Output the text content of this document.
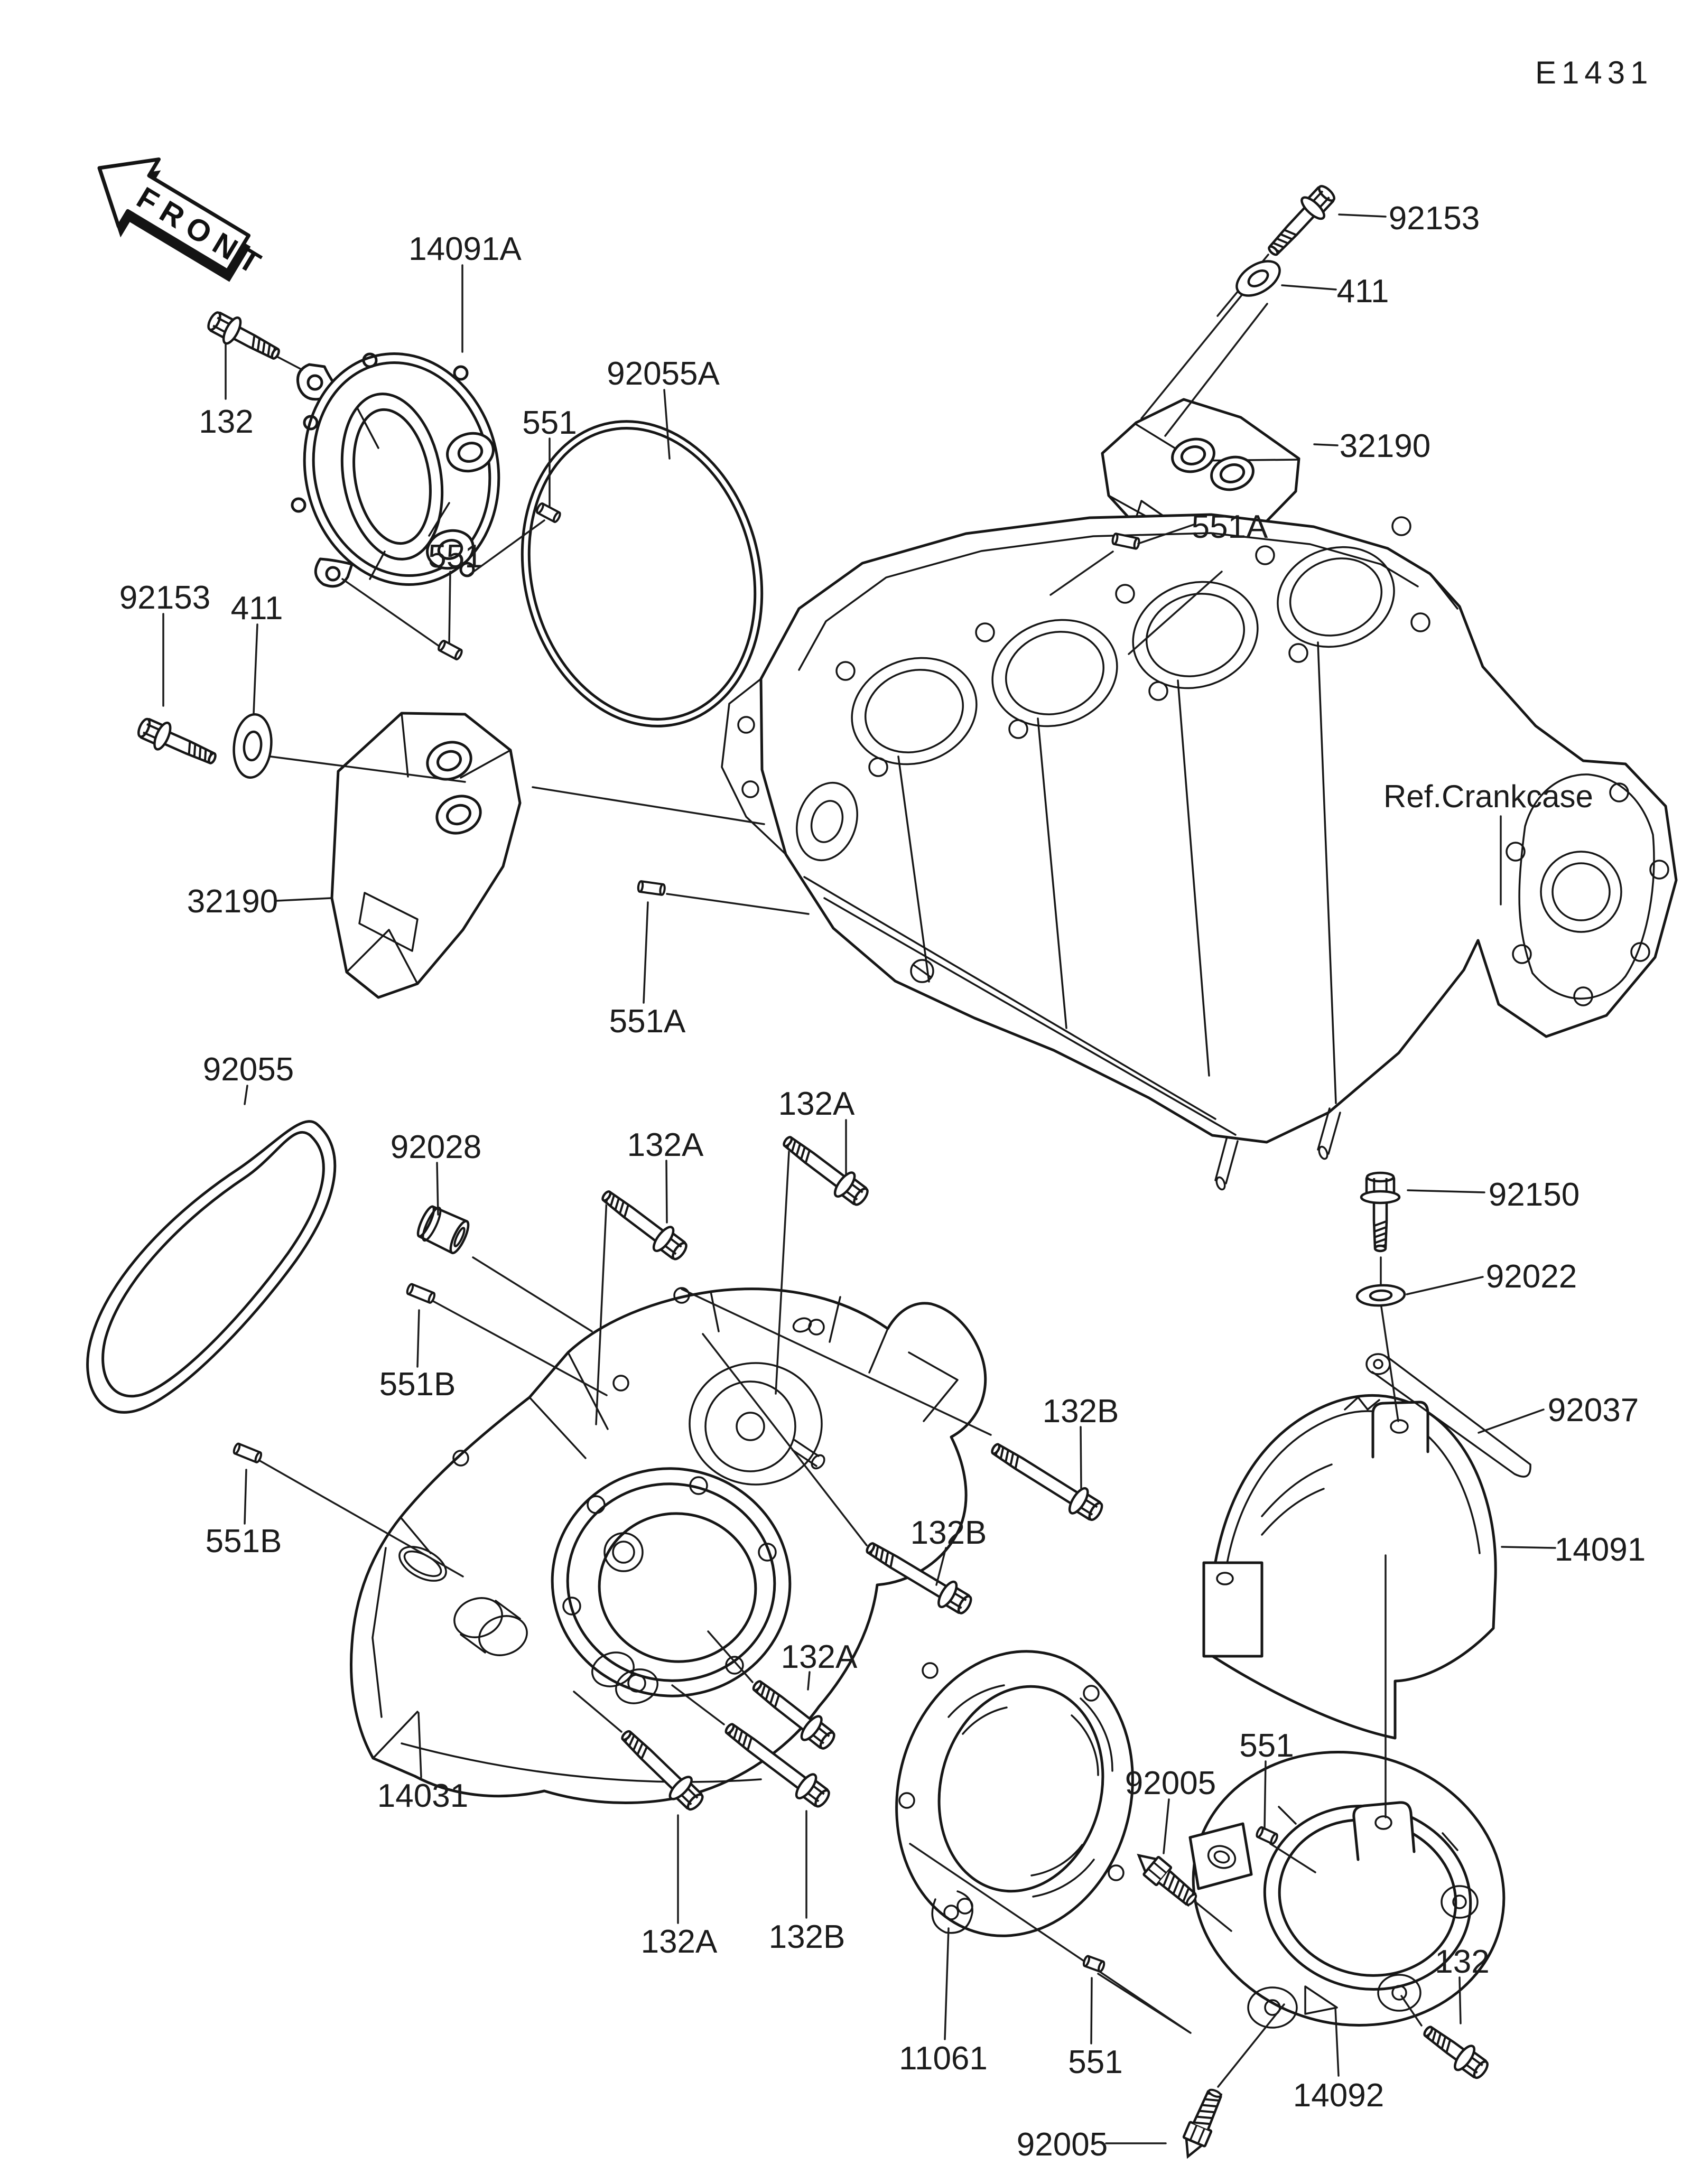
FRONT
E1431
14091A
132	551
92055A
551
92153 411
32190
551A
92153
411
32190
551A
92055
92028	132A
132A
132B
132B
551B
551B
132A
14031
132A 132B
11061 551
92005
551
14092
132
92005
92150
92022
92037
14091
Ref.Crankcase
